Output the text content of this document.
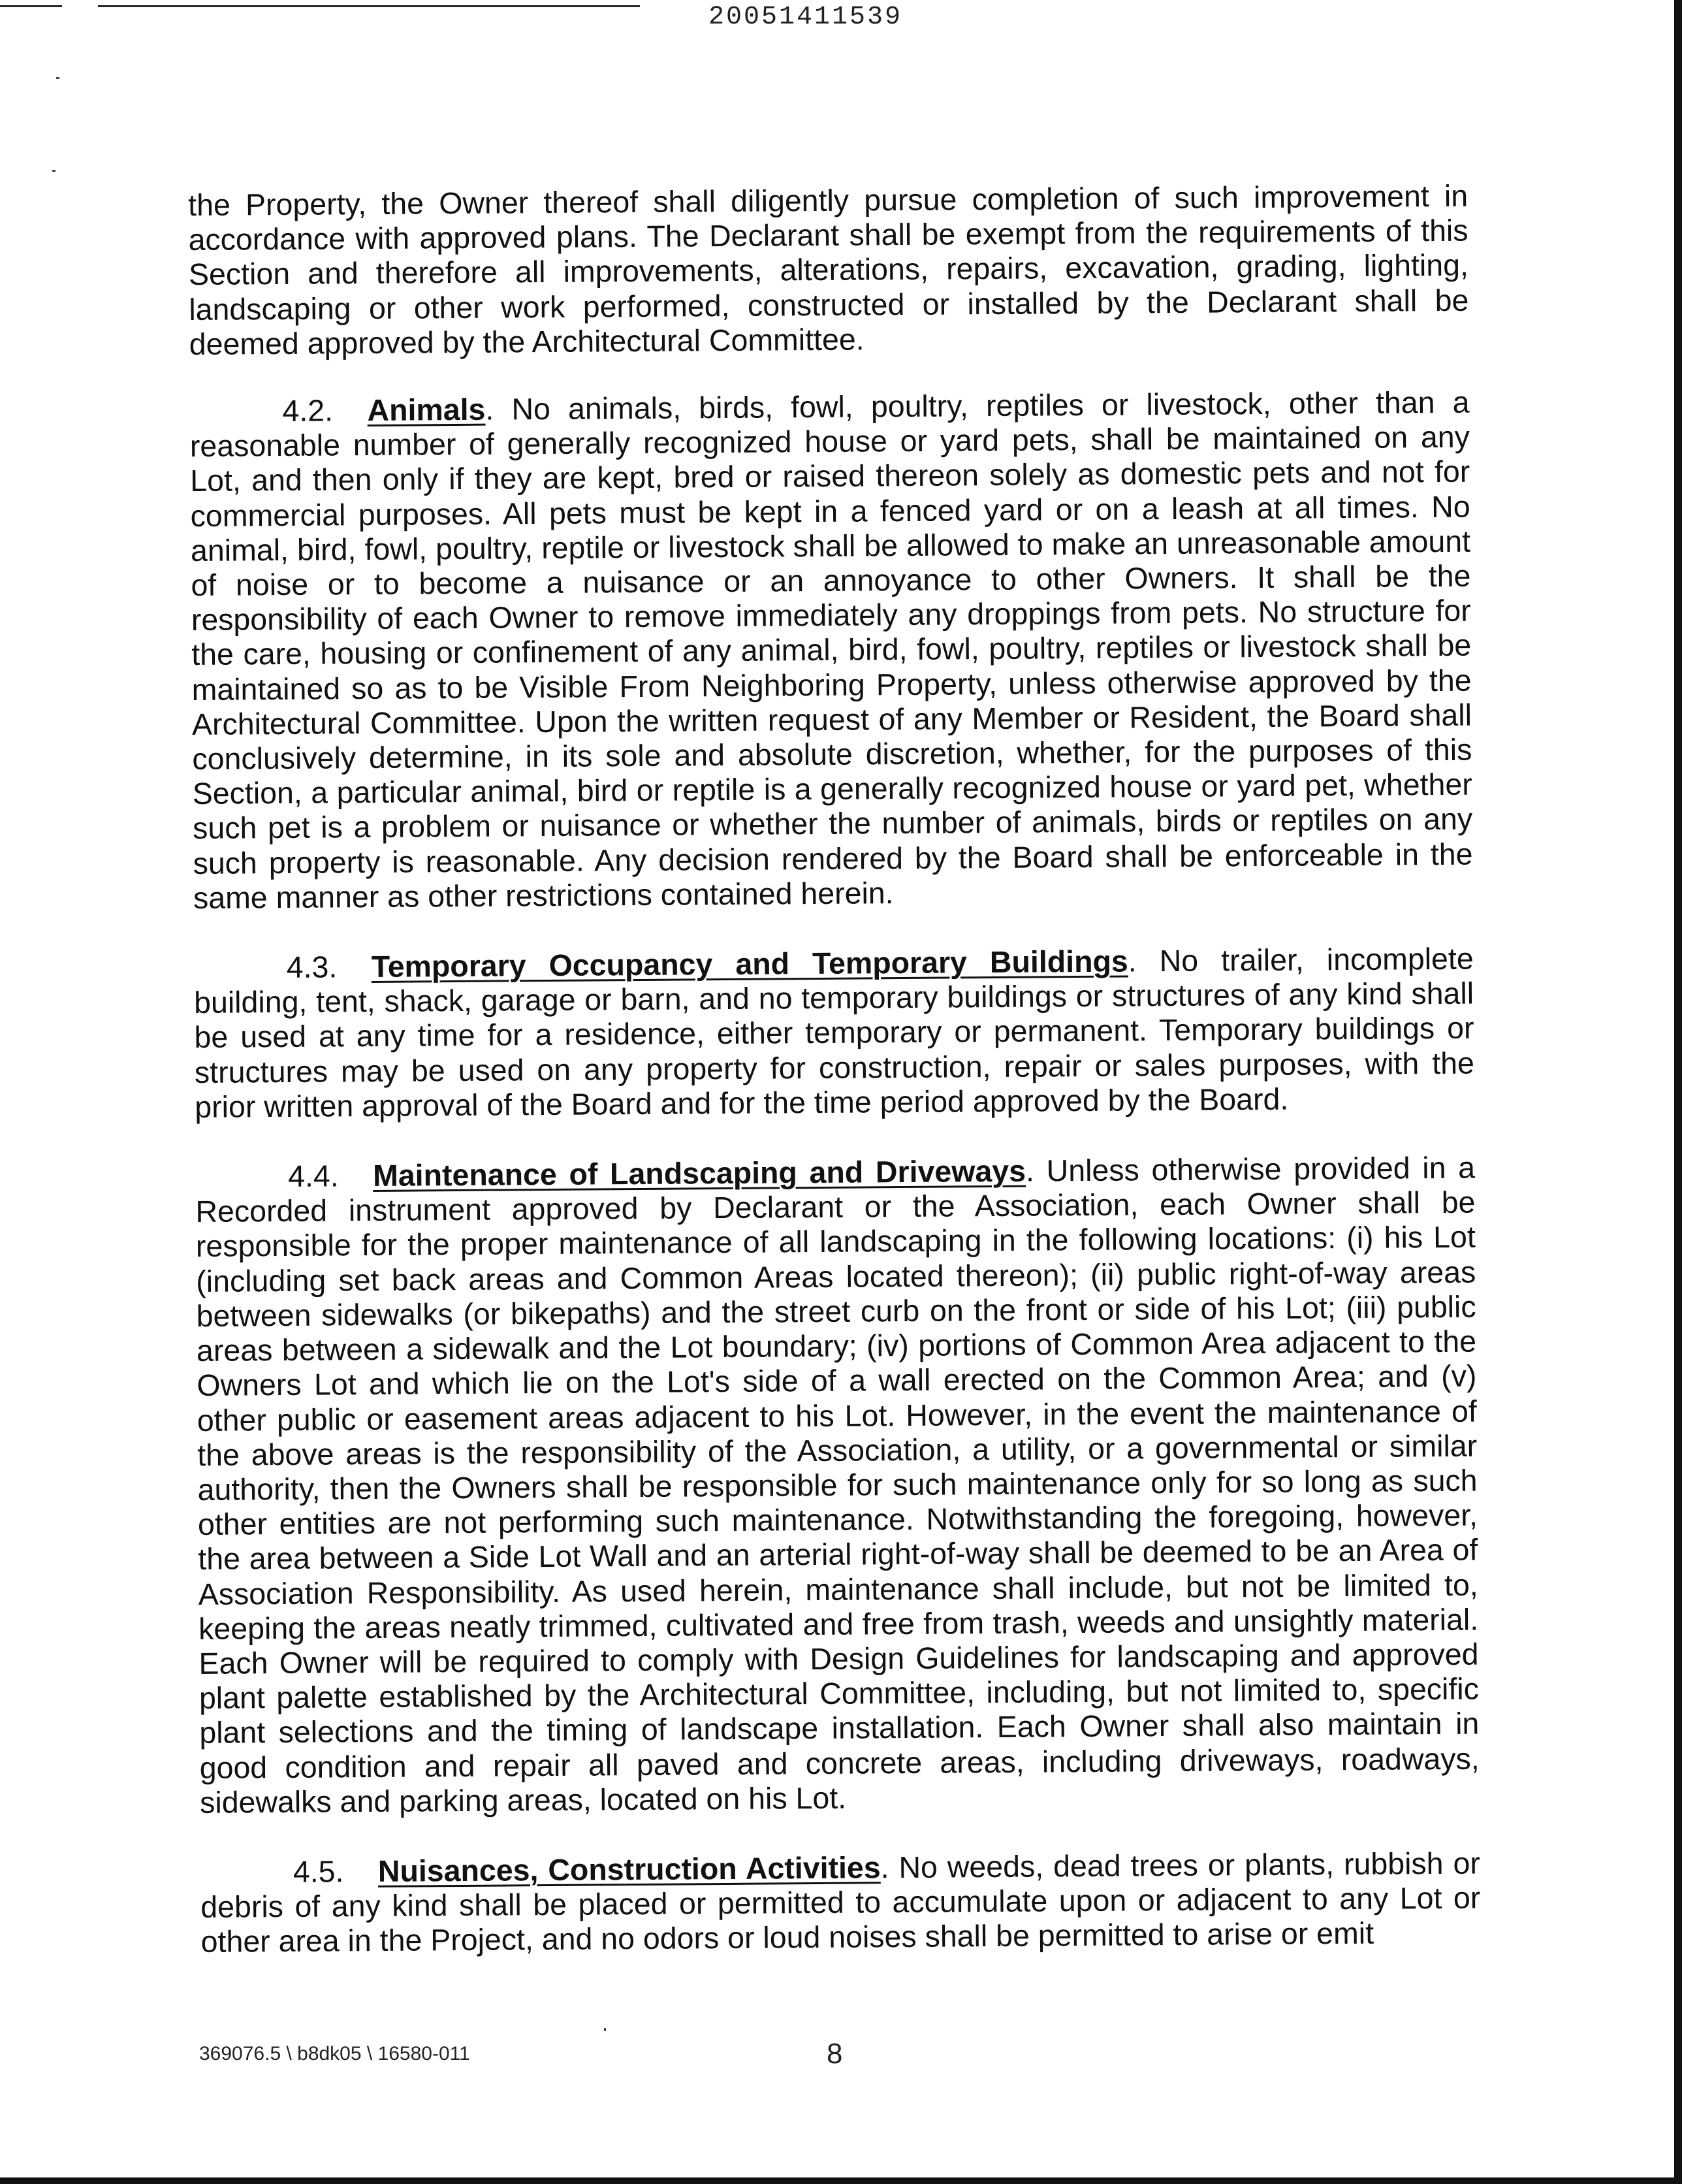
20051411539

the Property, the Owner thereof shall diligently pursue completion of such improvement in accordance with approved plans. The Declarant shall be exempt from the requirements of this Section and therefore all improvements, alterations, repairs, excavation, grading, lighting, landscaping or other work performed, constructed or installed by the Declarant shall be deemed approved by the Architectural Committee.

4.2. Animals. No animals, birds, fowl, poultry, reptiles or livestock, other than a reasonable number of generally recognized house or yard pets, shall be maintained on any Lot, and then only if they are kept, bred or raised thereon solely as domestic pets and not for commercial purposes. All pets must be kept in a fenced yard or on a leash at all times. No animal, bird, fowl, poultry, reptile or livestock shall be allowed to make an unreasonable amount of noise or to become a nuisance or an annoyance to other Owners. It shall be the responsibility of each Owner to remove immediately any droppings from pets. No structure for the care, housing or confinement of any animal, bird, fowl, poultry, reptiles or livestock shall be maintained so as to be Visible From Neighboring Property, unless otherwise approved by the Architectural Committee. Upon the written request of any Member or Resident, the Board shall conclusively determine, in its sole and absolute discretion, whether, for the purposes of this Section, a particular animal, bird or reptile is a generally recognized house or yard pet, whether such pet is a problem or nuisance or whether the number of animals, birds or reptiles on any such property is reasonable. Any decision rendered by the Board shall be enforceable in the same manner as other restrictions contained herein.

4.3. Temporary Occupancy and Temporary Buildings. No trailer, incomplete building, tent, shack, garage or barn, and no temporary buildings or structures of any kind shall be used at any time for a residence, either temporary or permanent. Temporary buildings or structures may be used on any property for construction, repair or sales purposes, with the prior written approval of the Board and for the time period approved by the Board.

4.4. Maintenance of Landscaping and Driveways. Unless otherwise provided in a Recorded instrument approved by Declarant or the Association, each Owner shall be responsible for the proper maintenance of all landscaping in the following locations: (i) his Lot (including set back areas and Common Areas located thereon); (ii) public right-of-way areas between sidewalks (or bikepaths) and the street curb on the front or side of his Lot; (iii) public areas between a sidewalk and the Lot boundary; (iv) portions of Common Area adjacent to the Owners Lot and which lie on the Lot's side of a wall erected on the Common Area; and (v) other public or easement areas adjacent to his Lot. However, in the event the maintenance of the above areas is the responsibility of the Association, a utility, or a governmental or similar authority, then the Owners shall be responsible for such maintenance only for so long as such other entities are not performing such maintenance. Notwithstanding the foregoing, however, the area between a Side Lot Wall and an arterial right-of-way shall be deemed to be an Area of Association Responsibility. As used herein, maintenance shall include, but not be limited to, keeping the areas neatly trimmed, cultivated and free from trash, weeds and unsightly material. Each Owner will be required to comply with Design Guidelines for landscaping and approved plant palette established by the Architectural Committee, including, but not limited to, specific plant selections and the timing of landscape installation. Each Owner shall also maintain in good condition and repair all paved and concrete areas, including driveways, roadways, sidewalks and parking areas, located on his Lot.

4.5. Nuisances, Construction Activities. No weeds, dead trees or plants, rubbish or debris of any kind shall be placed or permitted to accumulate upon or adjacent to any Lot or other area in the Project, and no odors or loud noises shall be permitted to arise or emit

369076.5 \ b8dk05 \ 16580-011	8
